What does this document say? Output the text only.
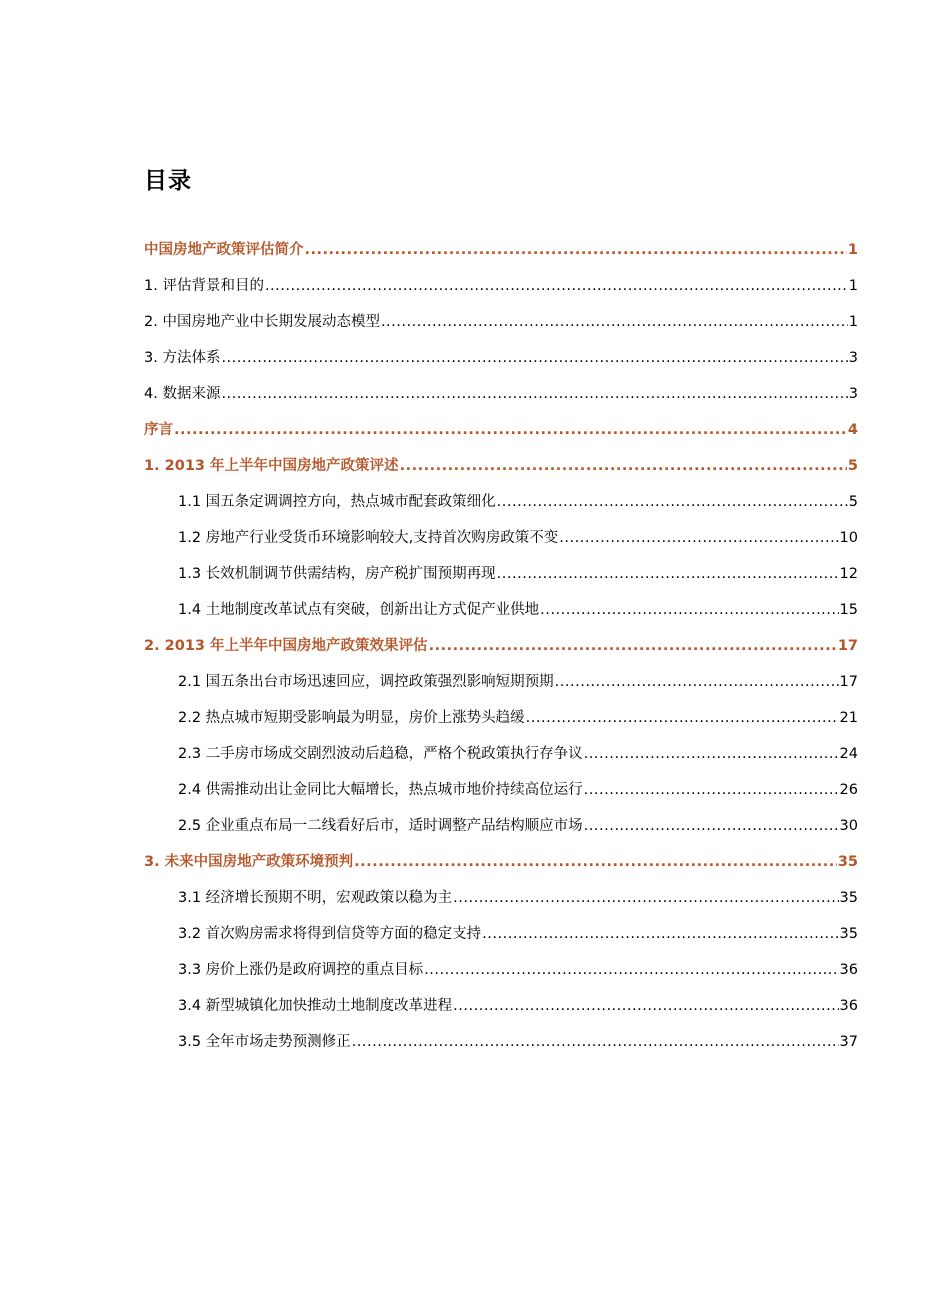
目录
中国房地产政策评估简介 .....	1
1. 评估背景和目的 .....	1
2. 中国房地产业中长期发展动态模型 .....	1
3. 方法体系 .....	3
4. 数据来源 .....	3
序言 .....	4
1. 2013 年上半年中国房地产政策评述 .....	5
1.1 国五条定调调控方向，热点城市配套政策细化 .....	5
1.2 房地产行业受货币环境影响较大,支持首次购房政策不变 .....	10
1.3 长效机制调节供需结构，房产税扩围预期再现 .....	12
1.4 土地制度改革试点有突破，创新出让方式促产业供地 .....	15
2. 2013 年上半年中国房地产政策效果评估 .....	17
2.1 国五条出台市场迅速回应，调控政策强烈影响短期预期 .....	17
2.2 热点城市短期受影响最为明显，房价上涨势头趋缓 .....	21
2.3 二手房市场成交剧烈波动后趋稳，严格个税政策执行存争议 .....	24
2.4 供需推动出让金同比大幅增长，热点城市地价持续高位运行 .....	26
2.5 企业重点布局一二线看好后市，适时调整产品结构顺应市场 .....	30
3. 未来中国房地产政策环境预判 .....	35
3.1 经济增长预期不明，宏观政策以稳为主 .....	35
3.2 首次购房需求将得到信贷等方面的稳定支持 .....	35
3.3 房价上涨仍是政府调控的重点目标 .....	36
3.4 新型城镇化加快推动土地制度改革进程 .....	36
3.5 全年市场走势预测修正 .....	37
